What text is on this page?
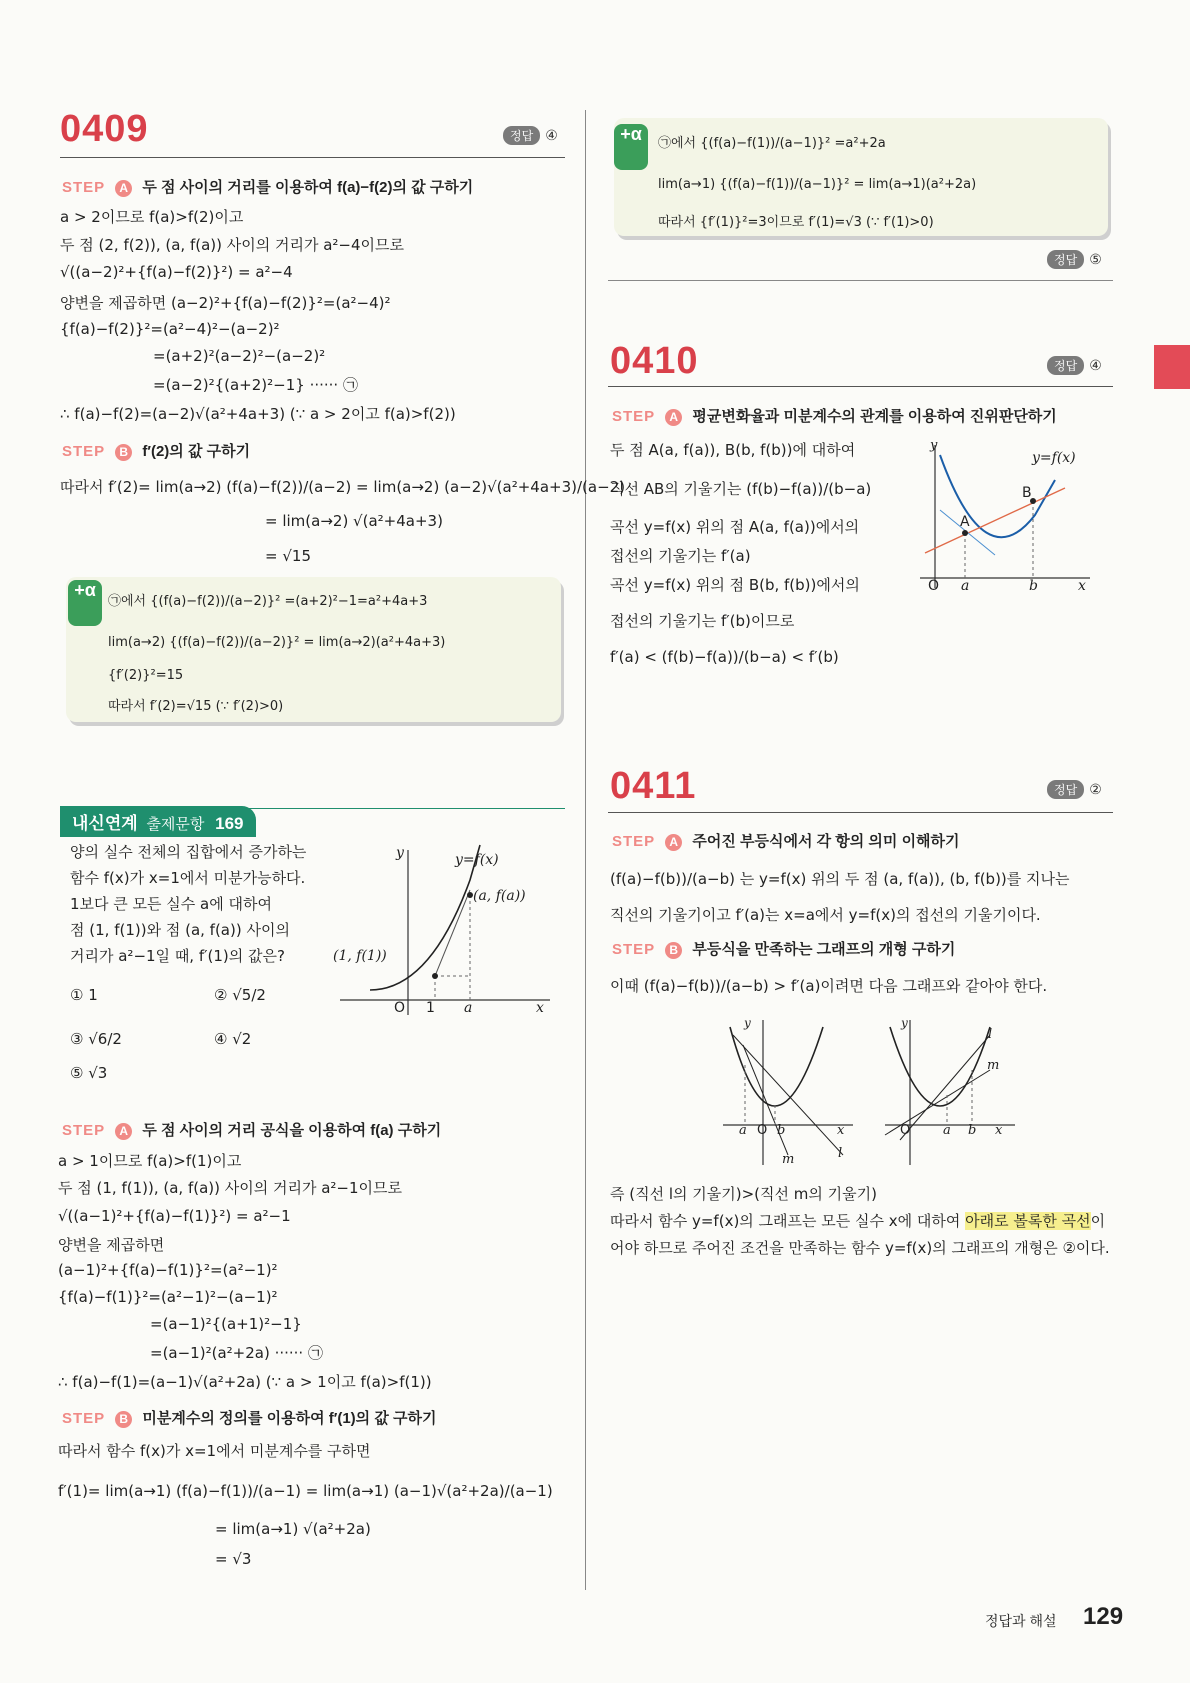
0409	정답 ④
STEP A 두 점 사이의 거리를 이용하여 f(a)−f(2)의 값 구하기
a > 2이므로 f(a)>f(2)이고
두 점 (2, f(2)), (a, f(a)) 사이의 거리가 a²−4이므로
√((a−2)²+{f(a)−f(2)}²) = a²−4
양변을 제곱하면 (a−2)²+{f(a)−f(2)}²=(a²−4)²
{f(a)−f(2)}²=(a²−4)²−(a−2)²
=(a+2)²(a−2)²−(a−2)²
=(a−2)²{(a+2)²−1} ······ ㉠
∴ f(a)−f(2)=(a−2)√(a²+4a+3) (∵ a > 2이고 f(a)>f(2))
STEP B f′(2)의 값 구하기
따라서 f′(2)= lim(a→2) (f(a)−f(2))/(a−2) = lim(a→2) (a−2)√(a²+4a+3)/(a−2)
= lim(a→2) √(a²+4a+3)
= √15
+α
㉠에서 {(f(a)−f(2))/(a−2)}² =(a+2)²−1=a²+4a+3
lim(a→2) {(f(a)−f(2))/(a−2)}² = lim(a→2)(a²+4a+3)
{f′(2)}²=15
따라서 f′(2)=√15 (∵ f′(2)>0)
내신연계 출제문항 169
양의 실수 전체의 집합에서 증가하는
함수 f(x)가 x=1에서 미분가능하다.
1보다 큰 모든 실수 a에 대하여
점 (1, f(1))와 점 (a, f(a)) 사이의
거리가 a²−1일 때, f′(1)의 값은?
① 1	② √5/2
③ √6/2	④ √2
⑤ √3
y	y=f(x)
(a, f(a))
(1, f(1))
O 1 a	x
STEP A 두 점 사이의 거리 공식을 이용하여 f(a) 구하기
a > 1이므로 f(a)>f(1)이고
두 점 (1, f(1)), (a, f(a)) 사이의 거리가 a²−1이므로
√((a−1)²+{f(a)−f(1)}²) = a²−1
양변을 제곱하면
(a−1)²+{f(a)−f(1)}²=(a²−1)²
{f(a)−f(1)}²=(a²−1)²−(a−1)²
=(a−1)²{(a+1)²−1}
=(a−1)²(a²+2a) ······ ㉠
∴ f(a)−f(1)=(a−1)√(a²+2a) (∵ a > 1이고 f(a)>f(1))
STEP B 미분계수의 정의를 이용하여 f′(1)의 값 구하기
따라서 함수 f(x)가 x=1에서 미분계수를 구하면
f′(1)= lim(a→1) (f(a)−f(1))/(a−1) = lim(a→1) (a−1)√(a²+2a)/(a−1)
= lim(a→1) √(a²+2a)
= √3
+α	㉠에서 {(f(a)−f(1))/(a−1)}² =a²+2a
lim(a→1) {(f(a)−f(1))/(a−1)}² = lim(a→1)(a²+2a)
따라서 {f′(1)}²=3이므로 f′(1)=√3 (∵ f′(1)>0)
정답 ⑤
0410	정답 ④
STEP A 평균변화율과 미분계수의 관계를 이용하여 진위판단하기
두 점 A(a, f(a)), B(b, f(b))에 대하여
직선 AB의 기울기는 (f(b)−f(a))/(b−a)
곡선 y=f(x) 위의 점 A(a, f(a))에서의
접선의 기울기는 f′(a)
곡선 y=f(x) 위의 점 B(b, f(b))에서의
접선의 기울기는 f′(b)이므로
f′(a) < (f(b)−f(a))/(b−a) < f′(b)
y
y=f(x)
B
A
O a	b	x
0411	정답 ②
STEP A 주어진 부등식에서 각 항의 의미 이해하기
(f(a)−f(b))/(a−b) 는 y=f(x) 위의 두 점 (a, f(a)), (b, f(b))를 지나는
직선의 기울기이고 f′(a)는 x=a에서 y=f(x)의 접선의 기울기이다.
STEP B 부등식을 만족하는 그래프의 개형 구하기
이때 (f(a)−f(b))/(a−b) > f′(a)이려면 다음 그래프와 같아야 한다.
y
a O b	x
m	l
y
l
m
O	a b x
즉 (직선 l의 기울기)>(직선 m의 기울기)
따라서 함수 y=f(x)의 그래프는 모든 실수 x에 대하여 아래로 볼록한 곡선이
어야 하므로 주어진 조건을 만족하는 함수 y=f(x)의 그래프의 개형은 ②이다.
정답과 해설 129
